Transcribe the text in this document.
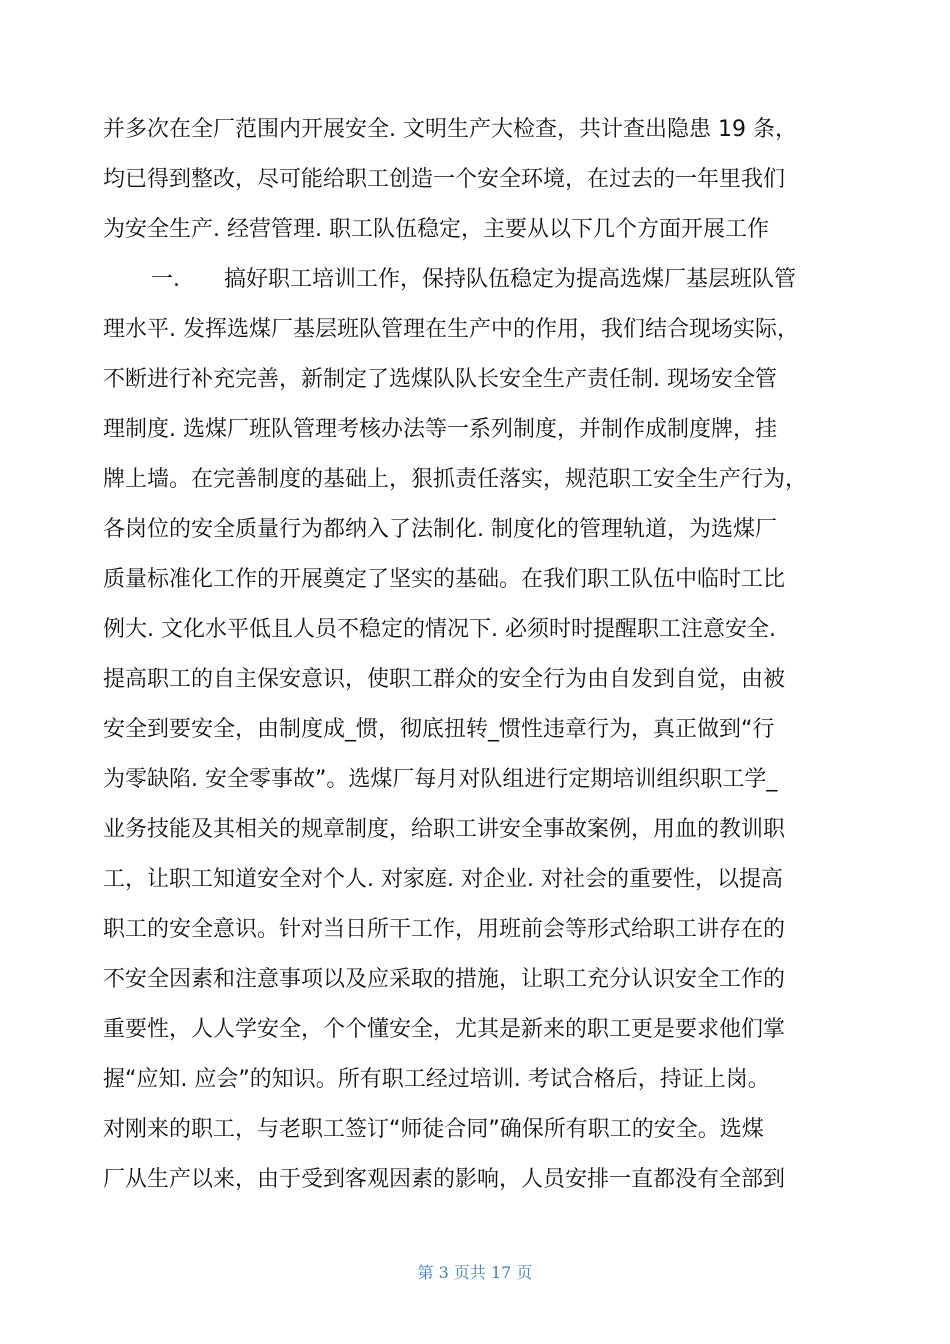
并多次在全厂范围内开展安全. 文明生产大检查，共计查出隐患 19 条，
均已得到整改，尽可能给职工创造一个安全环境，在过去的一年里我们
为安全生产. 经营管理. 职工队伍稳定，主要从以下几个方面开展工作
一.　　搞好职工培训工作，保持队伍稳定为提高选煤厂基层班队管
理水平. 发挥选煤厂基层班队管理在生产中的作用，我们结合现场实际，
不断进行补充完善，新制定了选煤队队长安全生产责任制. 现场安全管
理制度. 选煤厂班队管理考核办法等一系列制度，并制作成制度牌，挂
牌上墙。在完善制度的基础上，狠抓责任落实，规范职工安全生产行为，
各岗位的安全质量行为都纳入了法制化. 制度化的管理轨道，为选煤厂
质量标准化工作的开展奠定了坚实的基础。在我们职工队伍中临时工比
例大. 文化水平低且人员不稳定的情况下. 必须时时提醒职工注意安全.
提高职工的自主保安意识，使职工群众的安全行为由自发到自觉，由被
安全到要安全，由制度成_惯，彻底扭转_惯性违章行为，真正做到“行
为零缺陷. 安全零事故”。选煤厂每月对队组进行定期培训组织职工学_
业务技能及其相关的规章制度，给职工讲安全事故案例，用血的教训职
工，让职工知道安全对个人. 对家庭. 对企业. 对社会的重要性，以提高
职工的安全意识。针对当日所干工作，用班前会等形式给职工讲存在的
不安全因素和注意事项以及应采取的措施，让职工充分认识安全工作的
重要性，人人学安全，个个懂安全，尤其是新来的职工更是要求他们掌
握“应知. 应会”的知识。所有职工经过培训. 考试合格后，持证上岗。
对刚来的职工，与老职工签订“师徒合同”确保所有职工的安全。选煤
厂从生产以来，由于受到客观因素的影响，人员安排一直都没有全部到
第 3 页共 17 页
